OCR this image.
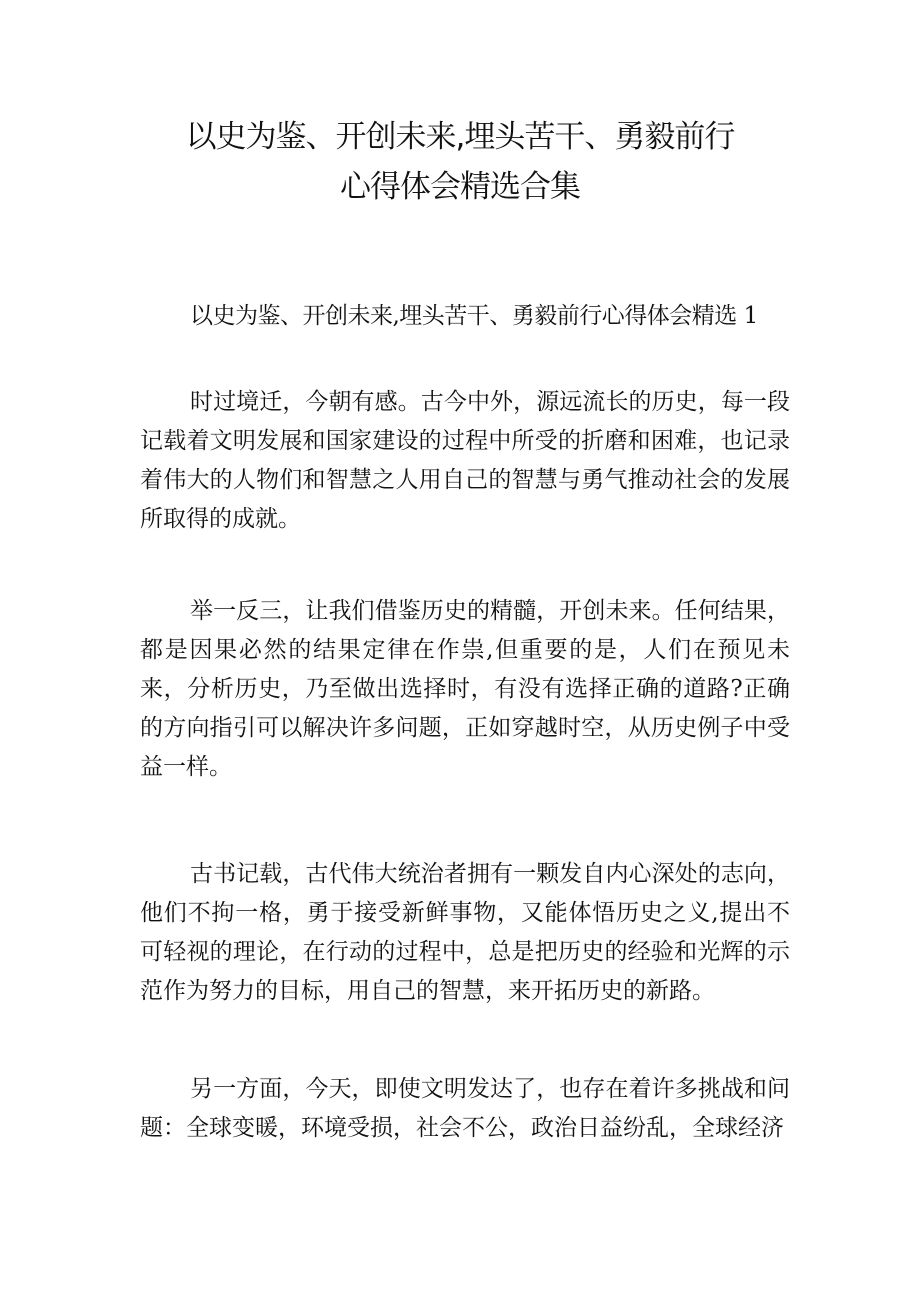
以史为鉴、开创未来,埋头苦干、勇毅前行
心得体会精选合集
以史为鉴、开创未来,埋头苦干、勇毅前行心得体会精选 1

时过境迁，今朝有感。古今中外，源远流长的历史，每一段记载着文明发展和国家建设的过程中所受的折磨和困难，也记录着伟大的人物们和智慧之人用自己的智慧与勇气推动社会的发展所取得的成就。

举一反三，让我们借鉴历史的精髓，开创未来。任何结果，都是因果必然的结果定律在作祟,但重要的是，人们在预见未来，分析历史，乃至做出选择时，有没有选择正确的道路?正确的方向指引可以解决许多问题，正如穿越时空，从历史例子中受益一样。

古书记载，古代伟大统治者拥有一颗发自内心深处的志向，他们不拘一格，勇于接受新鲜事物，又能体悟历史之义,提出不可轻视的理论，在行动的过程中，总是把历史的经验和光辉的示范作为努力的目标，用自己的智慧，来开拓历史的新路。

另一方面，今天，即使文明发达了，也存在着许多挑战和问题：全球变暖，环境受损，社会不公，政治日益纷乱，全球经济
